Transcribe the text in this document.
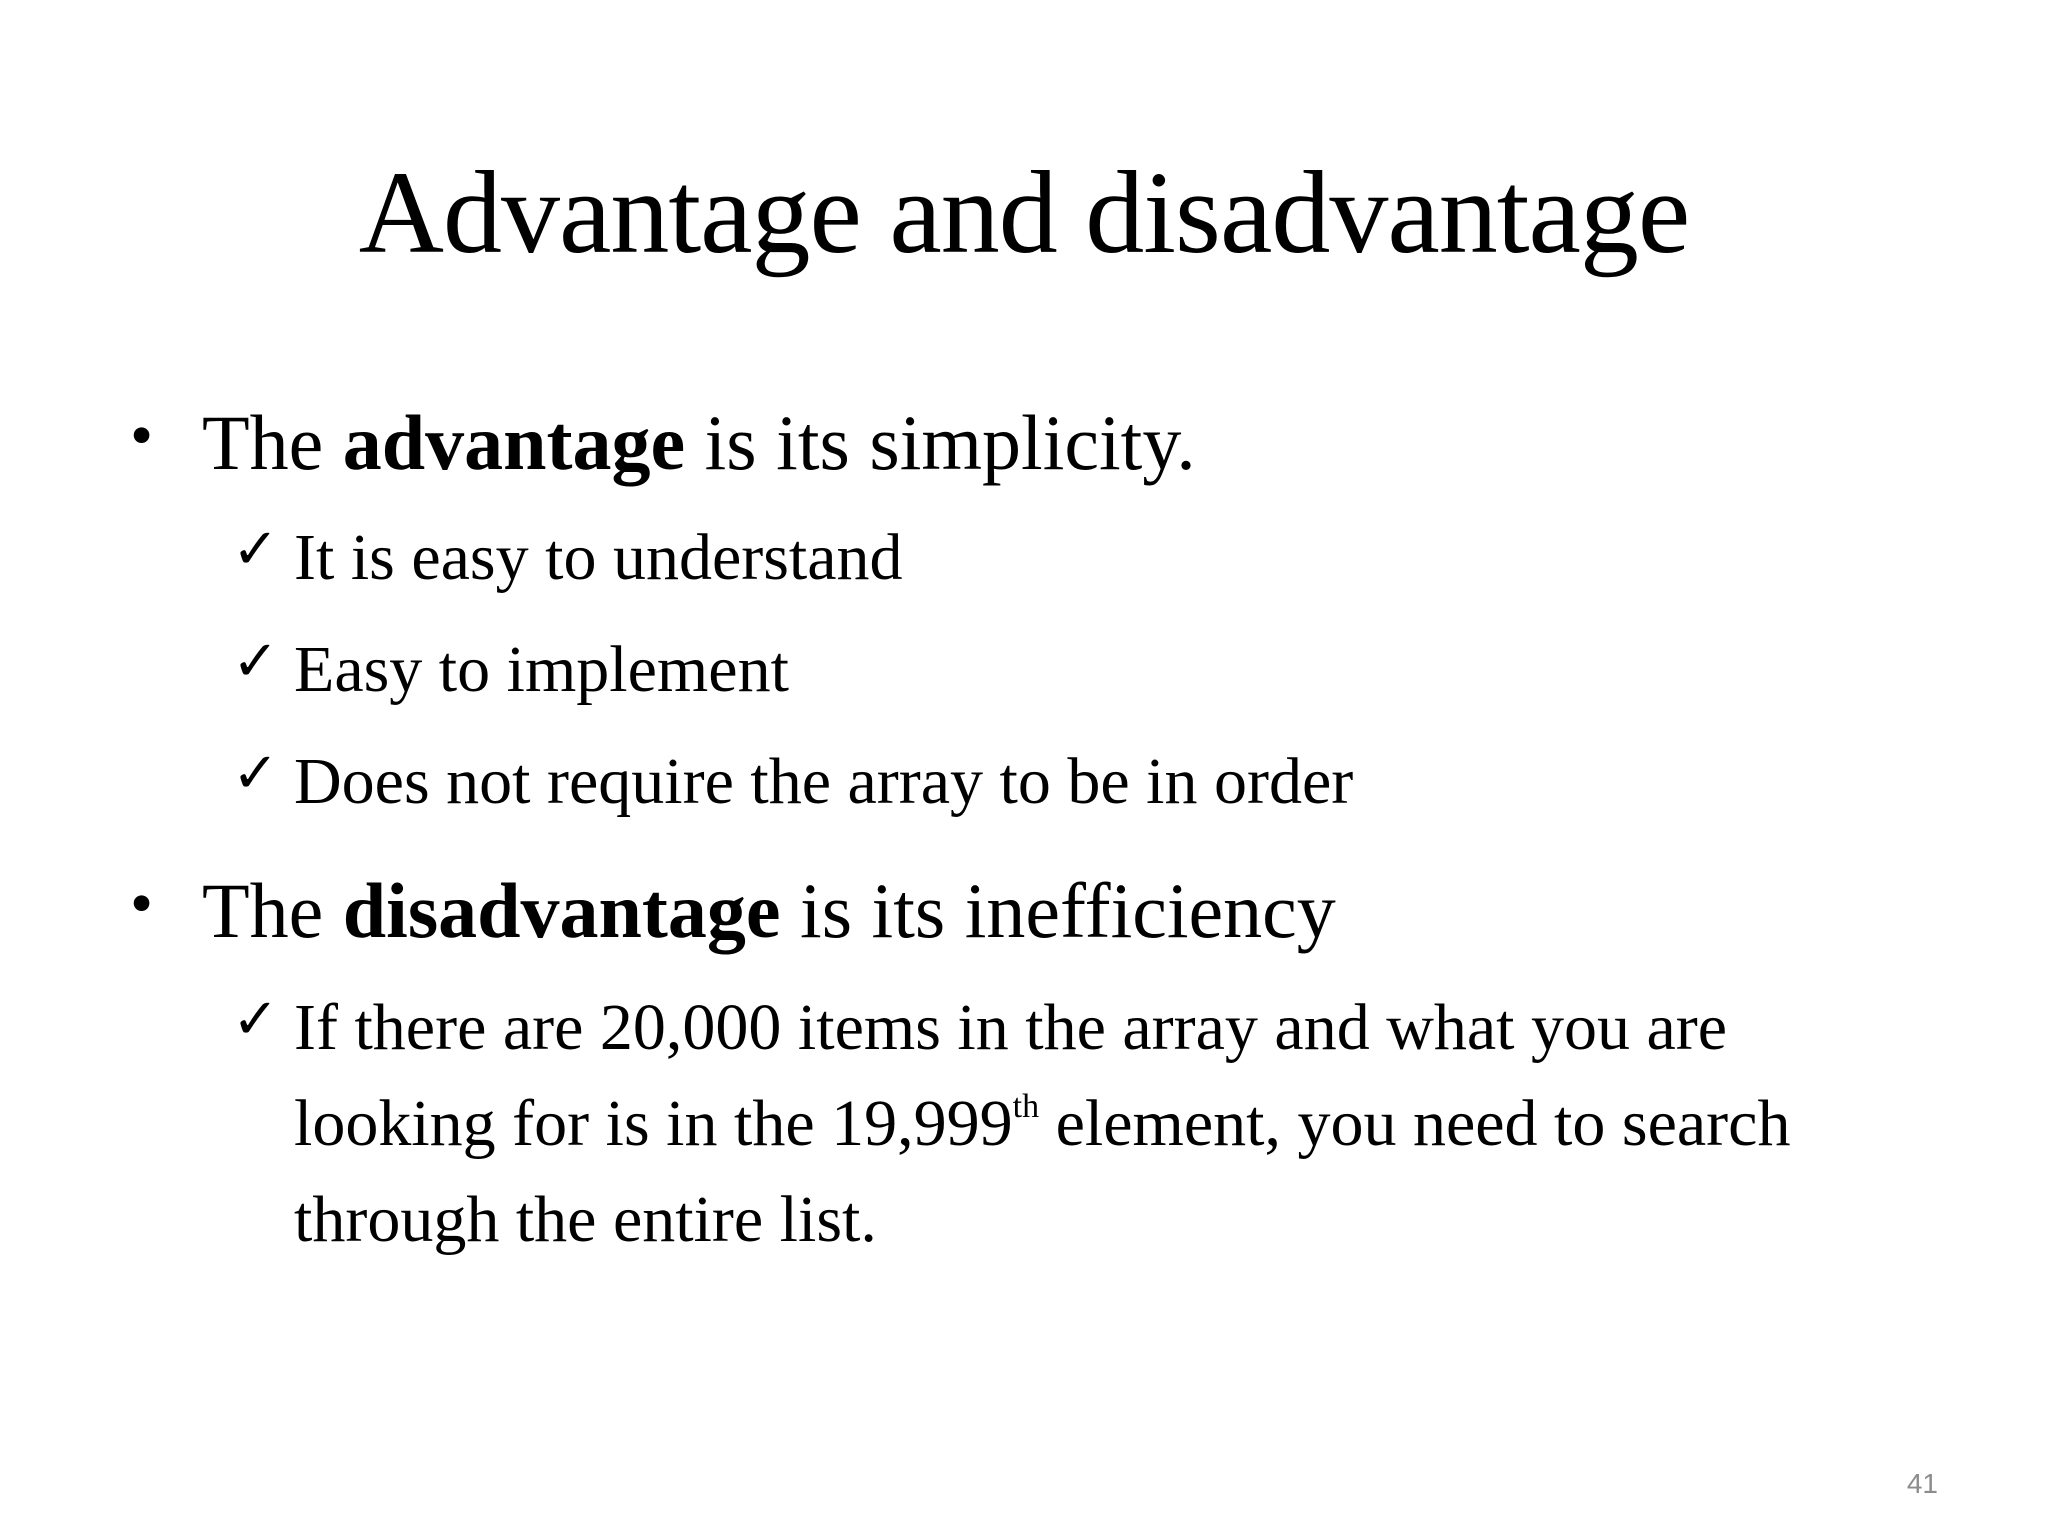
Advantage and disadvantage
• The advantage is its simplicity.
✓ It is easy to understand
✓ Easy to implement
✓ Does not require the array to be in order
• The disadvantage is its inefficiency
✓ If there are 20,000 items in the array and what you are looking for is in the 19,999th element, you need to search through the entire list.
41
